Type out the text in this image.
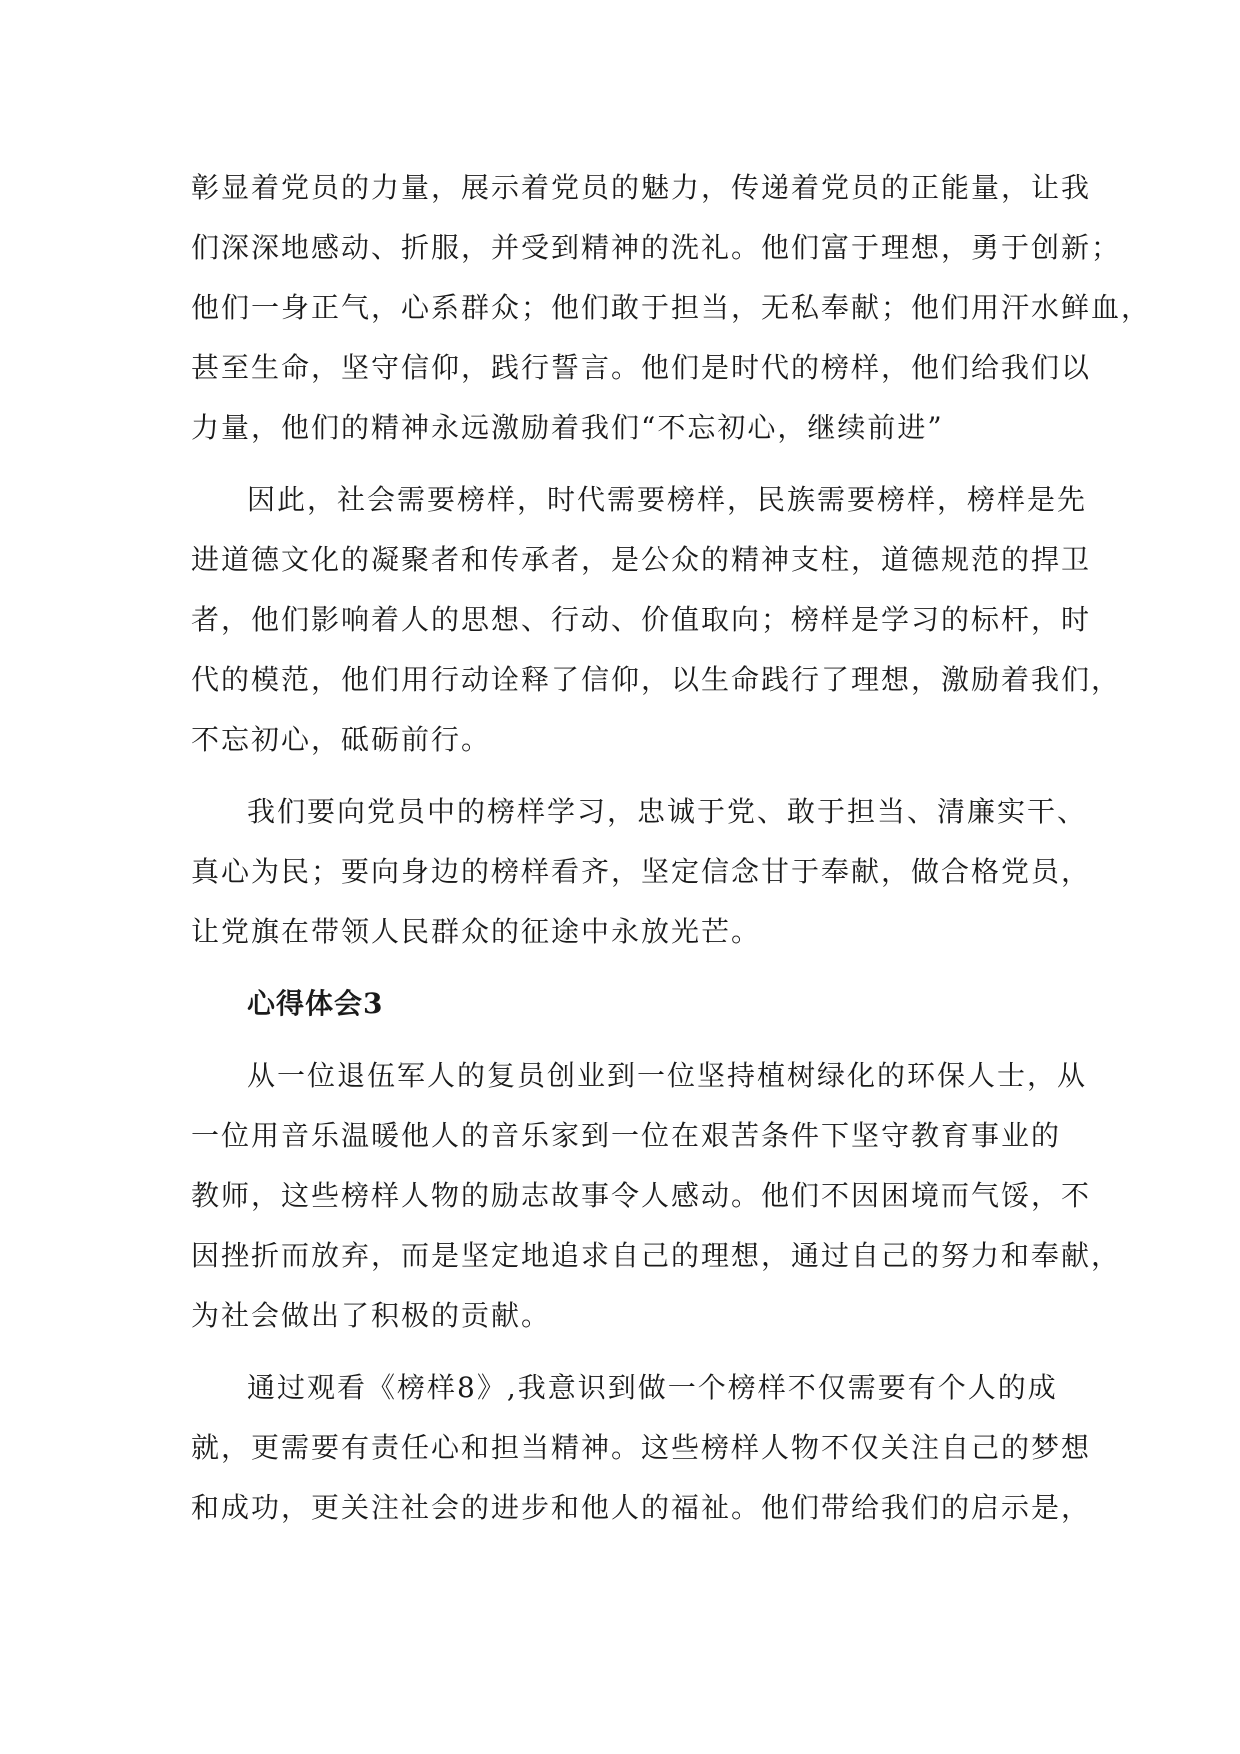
彰显着党员的力量，展示着党员的魅力，传递着党员的正能量，让我
们深深地感动、折服，并受到精神的洗礼。他们富于理想，勇于创新；
他们一身正气，心系群众；他们敢于担当，无私奉献；他们用汗水鲜血，
甚至生命，坚守信仰，践行誓言。他们是时代的榜样，他们给我们以
力量，他们的精神永远激励着我们“不忘初心，继续前进”
因此，社会需要榜样，时代需要榜样，民族需要榜样，榜样是先
进道德文化的凝聚者和传承者，是公众的精神支柱，道德规范的捍卫
者，他们影响着人的思想、行动、价值取向；榜样是学习的标杆，时
代的模范，他们用行动诠释了信仰，以生命践行了理想，激励着我们，
不忘初心，砥砺前行。
我们要向党员中的榜样学习，忠诚于党、敢于担当、清廉实干、
真心为民；要向身边的榜样看齐，坚定信念甘于奉献，做合格党员，
让党旗在带领人民群众的征途中永放光芒。
心得体会3
从一位退伍军人的复员创业到一位坚持植树绿化的环保人士，从
一位用音乐温暖他人的音乐家到一位在艰苦条件下坚守教育事业的
教师，这些榜样人物的励志故事令人感动。他们不因困境而气馁，不
因挫折而放弃，而是坚定地追求自己的理想，通过自己的努力和奉献，
为社会做出了积极的贡献。
通过观看《榜样8》,我意识到做一个榜样不仅需要有个人的成
就，更需要有责任心和担当精神。这些榜样人物不仅关注自己的梦想
和成功，更关注社会的进步和他人的福祉。他们带给我们的启示是，
